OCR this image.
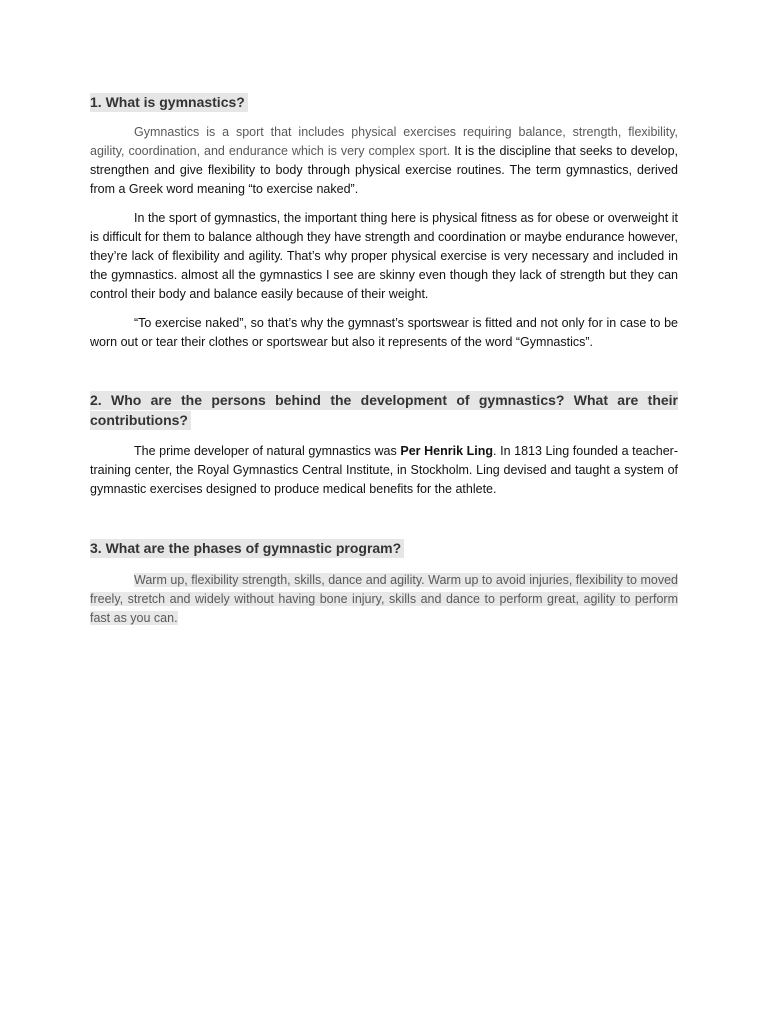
1. What is gymnastics?

Gymnastics is a sport that includes physical exercises requiring balance, strength, flexibility, agility, coordination, and endurance which is very complex sport. It is the discipline that seeks to develop, strengthen and give flexibility to body through physical exercise routines. The term gymnastics, derived from a Greek word meaning “to exercise naked”.

In the sport of gymnastics, the important thing here is physical fitness as for obese or overweight it is difficult for them to balance although they have strength and coordination or maybe endurance however, they’re lack of flexibility and agility. That’s why proper physical exercise is very necessary and included in the gymnastics. almost all the gymnastics I see are skinny even though they lack of strength but they can control their body and balance easily because of their weight.

“To exercise naked”, so that’s why the gymnast’s sportswear is fitted and not only for in case to be worn out or tear their clothes or sportswear but also it represents of the word “Gymnastics”.

2. Who are the persons behind the development of gymnastics? What are their contributions?

The prime developer of natural gymnastics was Per Henrik Ling. In 1813 Ling founded a teacher-training center, the Royal Gymnastics Central Institute, in Stockholm. Ling devised and taught a system of gymnastic exercises designed to produce medical benefits for the athlete.

3. What are the phases of gymnastic program?

Warm up, flexibility strength, skills, dance and agility. Warm up to avoid injuries, flexibility to moved freely, stretch and widely without having bone injury, skills and dance to perform great, agility to perform fast as you can.
